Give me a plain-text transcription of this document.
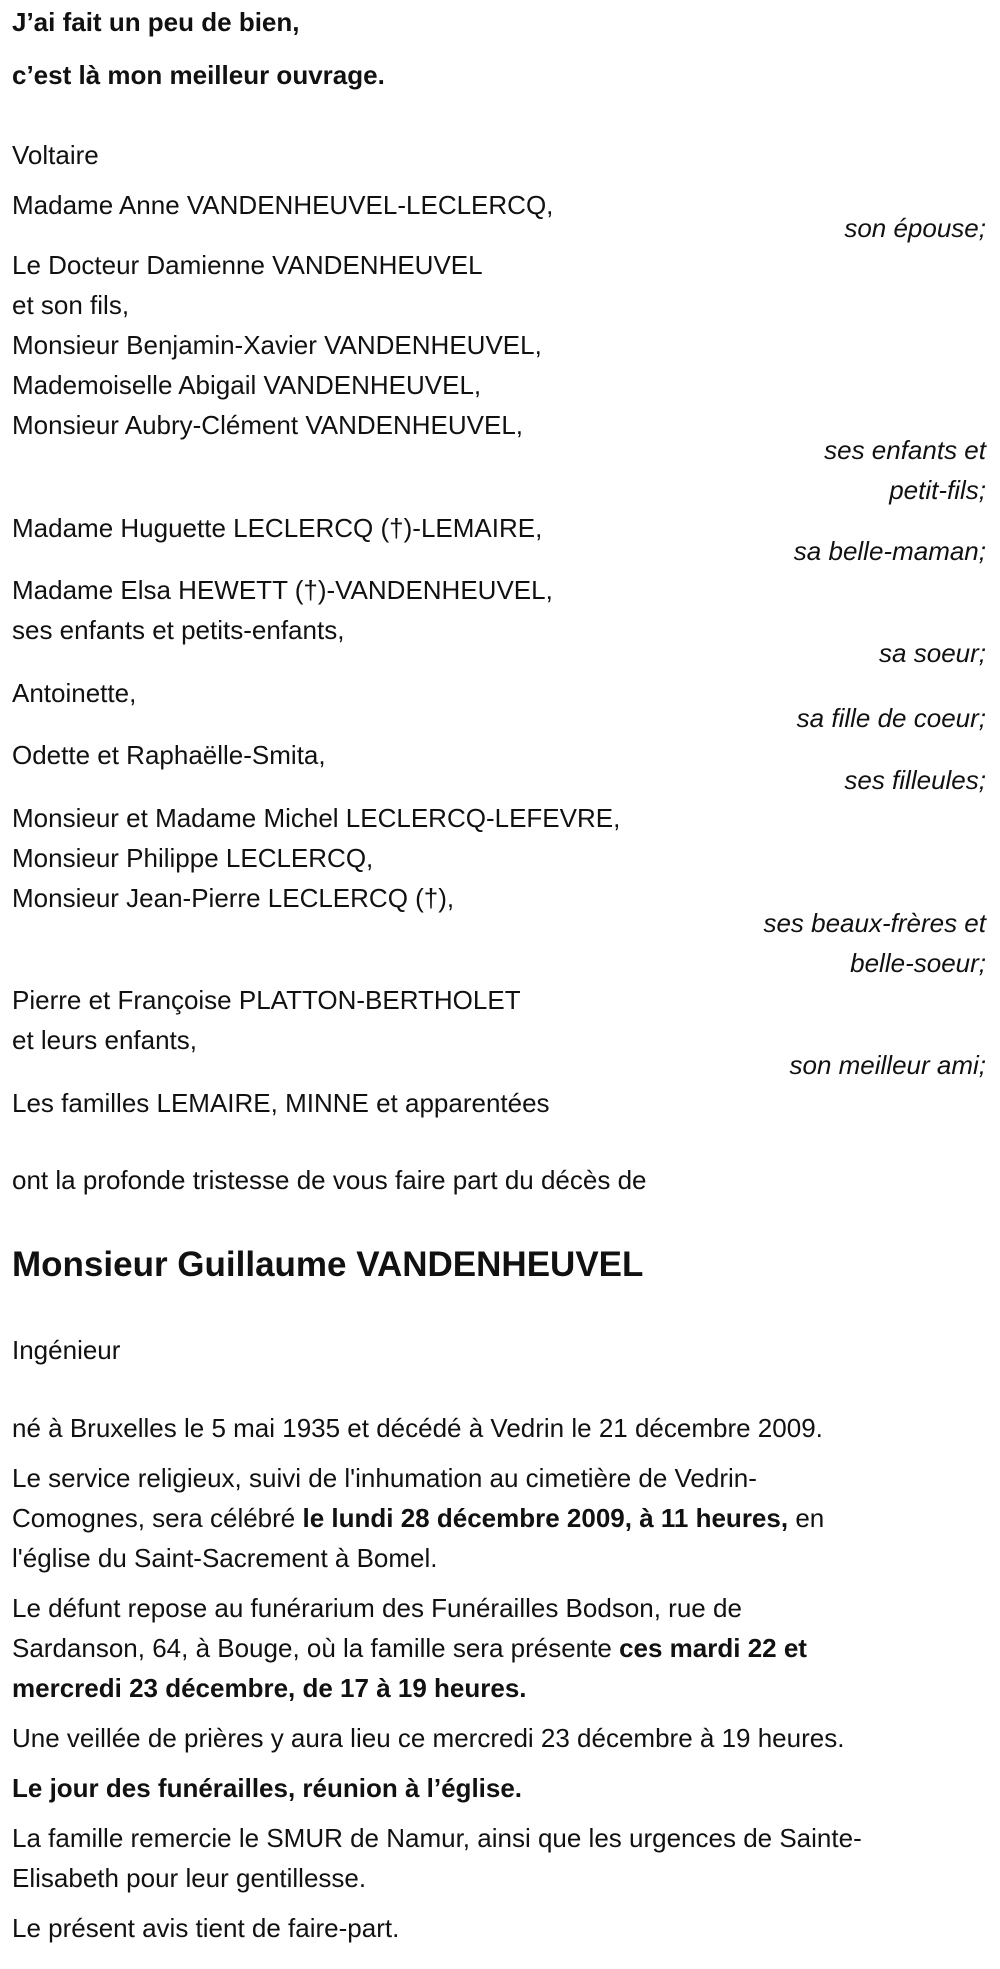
J’ai fait un peu de bien,
c’est là mon meilleur ouvrage.
Voltaire
Madame Anne VANDENHEUVEL-LECLERCQ,
son épouse;
Le Docteur Damienne VANDENHEUVEL
et son fils,
Monsieur Benjamin-Xavier VANDENHEUVEL,
Mademoiselle Abigail VANDENHEUVEL,
Monsieur Aubry-Clément VANDENHEUVEL,
ses enfants et
petit-fils;
Madame Huguette LECLERCQ (†)-LEMAIRE,
sa belle-maman;
Madame Elsa HEWETT (†)-VANDENHEUVEL,
ses enfants et petits-enfants,
sa soeur;
Antoinette,
sa fille de coeur;
Odette et Raphaëlle-Smita,
ses filleules;
Monsieur et Madame Michel LECLERCQ-LEFEVRE,
Monsieur Philippe LECLERCQ,
Monsieur Jean-Pierre LECLERCQ (†),
ses beaux-frères et
belle-soeur;
Pierre et Françoise PLATTON-BERTHOLET
et leurs enfants,
son meilleur ami;
Les familles LEMAIRE, MINNE et apparentées
ont la profonde tristesse de vous faire part du décès de
Monsieur Guillaume VANDENHEUVEL
Ingénieur
né à Bruxelles le 5 mai 1935 et décédé à Vedrin le 21 décembre 2009.
Le service religieux, suivi de l'inhumation au cimetière de Vedrin-
Comognes, sera célébré le lundi 28 décembre 2009, à 11 heures, en
l'église du Saint-Sacrement à Bomel.
Le défunt repose au funérarium des Funérailles Bodson, rue de
Sardanson, 64, à Bouge, où la famille sera présente ces mardi 22 et
mercredi 23 décembre, de 17 à 19 heures.
Une veillée de prières y aura lieu ce mercredi 23 décembre à 19 heures.
Le jour des funérailles, réunion à l’église.
La famille remercie le SMUR de Namur, ainsi que les urgences de Sainte-
Elisabeth pour leur gentillesse.
Le présent avis tient de faire-part.
